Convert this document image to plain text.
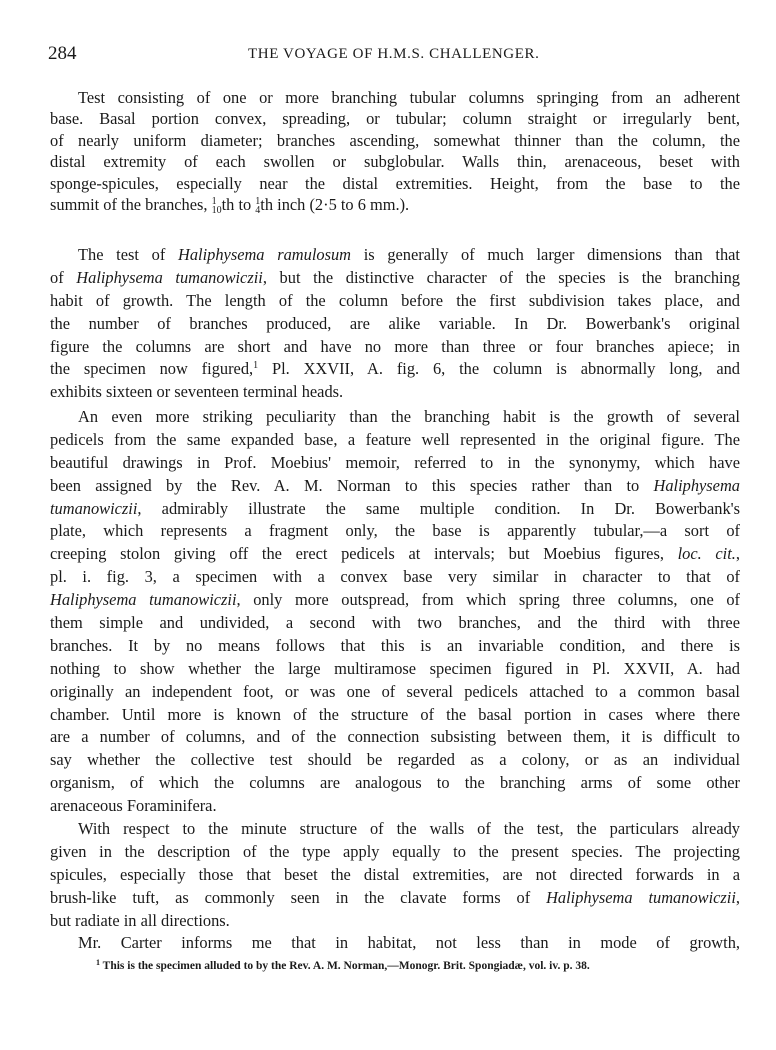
284	THE VOYAGE OF H.M.S. CHALLENGER.
Test consisting of one or more branching tubular columns springing from an adherent
base. Basal portion convex, spreading, or tubular; column straight or irregularly bent,
of nearly uniform diameter; branches ascending, somewhat thinner than the column, the
distal extremity of each swollen or subglobular. Walls thin, arenaceous, beset with
sponge-spicules, especially near the distal extremities. Height, from the base to the
summit of the branches, 1
10 th to 1
4 th inch (2·5 to 6 mm.).
The test of Haliphysema ramulosum is generally of much larger dimensions than that
of Haliphysema tumanowiczii, but the distinctive character of the species is the branching
habit of growth. The length of the column before the first subdivision takes place, and
the number of branches produced, are alike variable. In Dr. Bowerbank's original
figure the columns are short and have no more than three or four branches apiece; in
the specimen now figured,$^1$ Pl. XXVII, A. fig. 6, the column is abnormally long, and
exhibits sixteen or seventeen terminal heads.
An even more striking peculiarity than the branching habit is the growth of several
pedicels from the same expanded base, a feature well represented in the original figure. The
beautiful drawings in Prof. Moebius' memoir, referred to in the synonymy, which have
been assigned by the Rev. A. M. Norman to this species rather than to Haliphysema
tumanowiczii, admirably illustrate the same multiple condition. In Dr. Bowerbank's
plate, which represents a fragment only, the base is apparently tubular,—a sort of
creeping stolon giving off the erect pedicels at intervals; but Moebius figures, loc. cit.,
pl. i. fig. 3, a specimen with a convex base very similar in character to that of
Haliphysema tumanowiczii, only more outspread, from which spring three columns, one of
them simple and undivided, a second with two branches, and the third with three
branches. It by no means follows that this is an invariable condition, and there is
nothing to show whether the large multiramose specimen figured in Pl. XXVII, A. had
originally an independent foot, or was one of several pedicels attached to a common basal
chamber. Until more is known of the structure of the basal portion in cases where there
are a number of columns, and of the connection subsisting between them, it is difficult to
say whether the collective test should be regarded as a colony, or as an individual
organism, of which the columns are analogous to the branching arms of some other
arenaceous Foraminifera.
With respect to the minute structure of the walls of the test, the particulars already
given in the description of the type apply equally to the present species. The projecting
spicules, especially those that beset the distal extremities, are not directed forwards in a
brush-like tuft, as commonly seen in the clavate forms of Haliphysema tumanowiczii,
but radiate in all directions.
Mr. Carter informs me that in habitat, not less than in mode of growth,
$^1$ This is the specimen alluded to by the Rev. A. M. Norman,—Monogr. Brit. Spongiadæ, vol. iv. p. 38.
